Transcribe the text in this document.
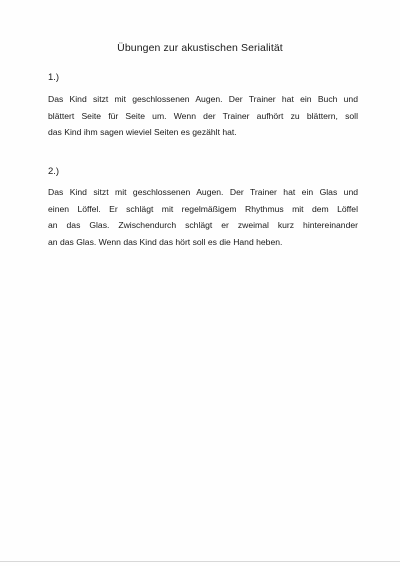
Übungen zur akustischen Serialität
1.)
Das Kind sitzt mit geschlossenen Augen. Der Trainer hat ein Buch und
blättert Seite für Seite um. Wenn der Trainer aufhört zu blättern, soll
das Kind ihm sagen wieviel Seiten es gezählt hat.
2.)
Das Kind sitzt mit geschlossenen Augen. Der Trainer hat ein Glas und
einen Löffel. Er schlägt mit regelmäßigem Rhythmus mit dem Löffel
an das Glas. Zwischendurch schlägt er zweimal kurz hintereinander
an das Glas. Wenn das Kind das hört soll es die Hand heben.
